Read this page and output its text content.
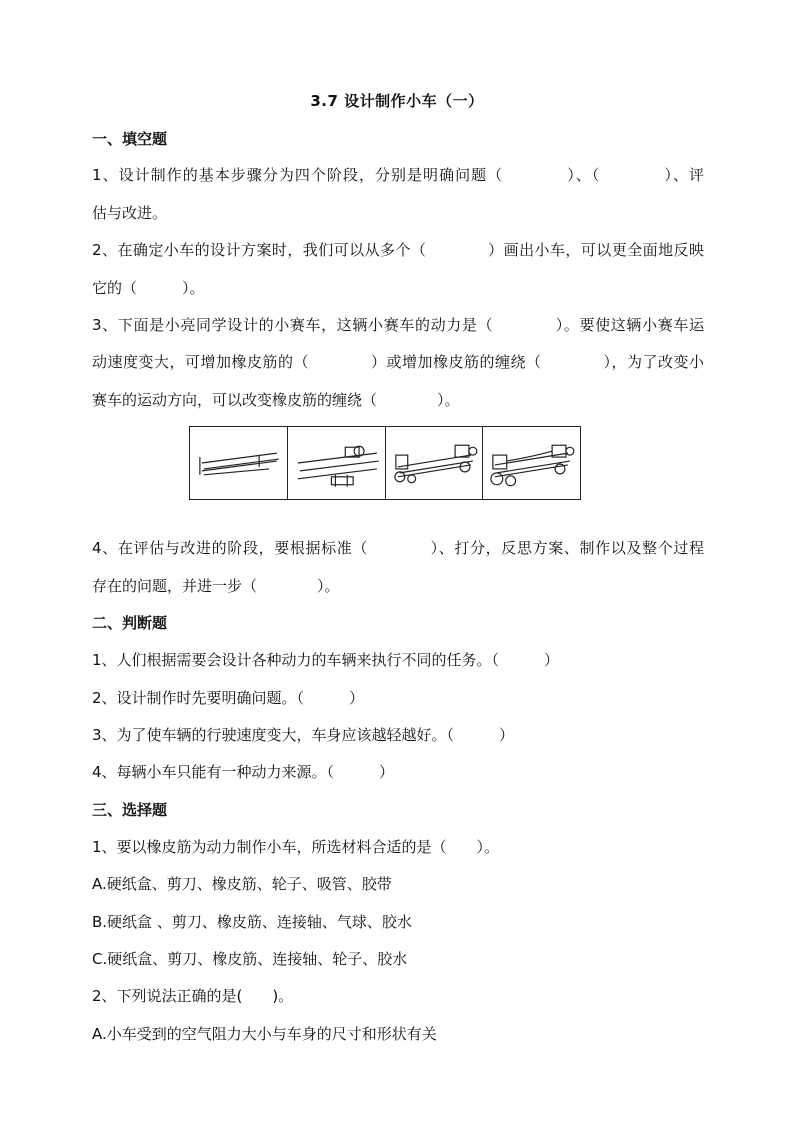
3.7 设计制作小车（一）
一、填空题
1、设计制作的基本步骤分为四个阶段，分别是明确问题（　　　　）、（　　　　）、评
估与改进。
2、在确定小车的设计方案时，我们可以从多个（　　　　）画出小车，可以更全面地反映
它的（　　　）。
3、下面是小亮同学设计的小赛车，这辆小赛车的动力是（　　　　）。要使这辆小赛车运
动速度变大，可增加橡皮筋的（　　　　）或增加橡皮筋的缠绕（　　　　），为了改变小
赛车的运动方向，可以改变橡皮筋的缠绕（　　　　）。
4、在评估与改进的阶段，要根据标准（　　　　）、打分，反思方案、制作以及整个过程
存在的问题，并进一步（　　　　）。
二、判断题
1、人们根据需要会设计各种动力的车辆来执行不同的任务。（　　　）
2、设计制作时先要明确问题。（　　　）
3、为了使车辆的行驶速度变大，车身应该越轻越好。（　　　）
4、每辆小车只能有一种动力来源。（　　　）
三、选择题
1、要以橡皮筋为动力制作小车，所选材料合适的是（　　）。
A.硬纸盒、剪刀、橡皮筋、轮子、吸管、胶带
B.硬纸盒 、剪刀、橡皮筋、连接轴、气球、胶水
C.硬纸盒、剪刀、橡皮筋、连接轴、轮子、胶水
2、下列说法正确的是(　　)。
A.小车受到的空气阻力大小与车身的尺寸和形状有关
